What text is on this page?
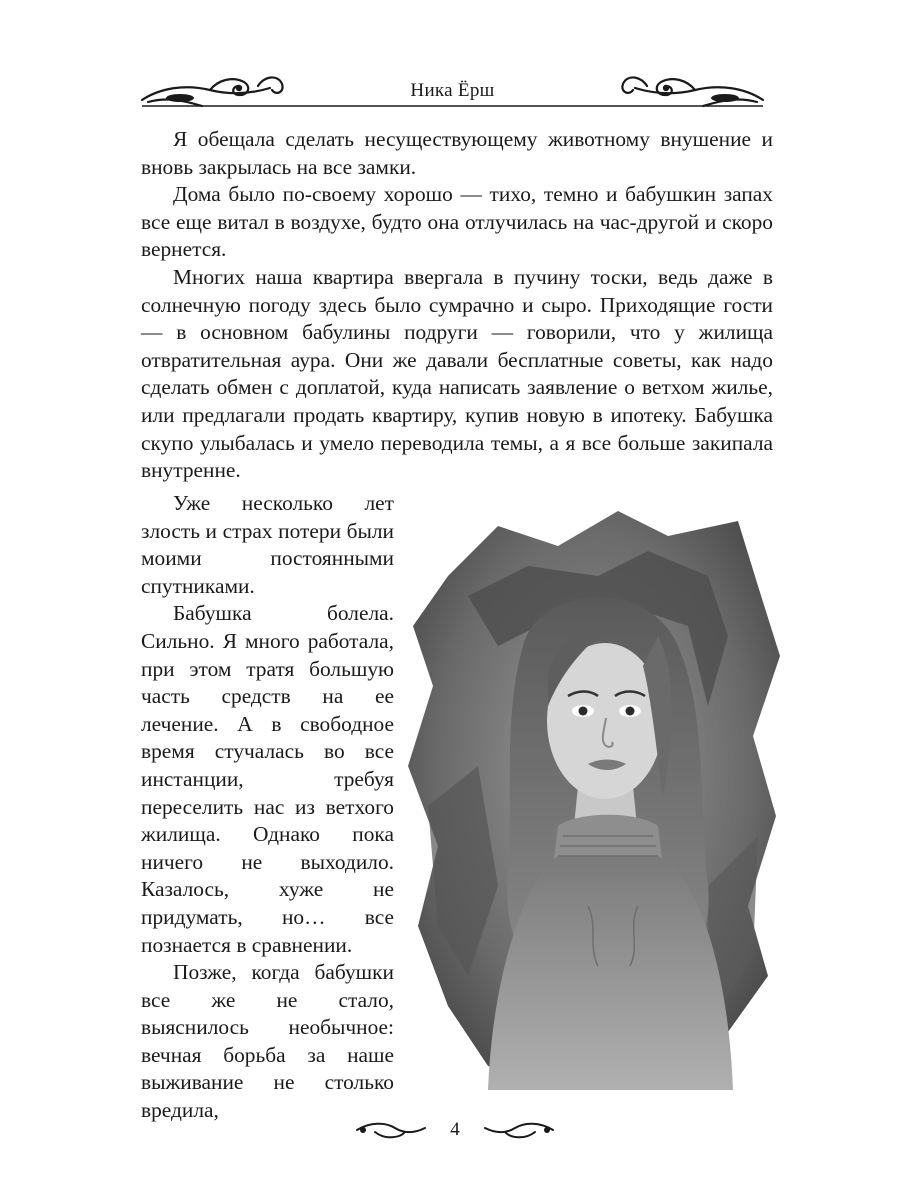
Ника Ёрш

Я обещала сделать несуществующему животному внушение и вновь закрылась на все замки.

Дома было по-своему хорошо — тихо, темно и бабушкин запах все еще витал в воздухе, будто она отлучилась на час-другой и скоро вернется.

Многих наша квартира ввергала в пучину тоски, ведь даже в солнечную погоду здесь было сумрачно и сыро. Приходящие гости — в основном бабулины подруги — говорили, что у жилища отвратительная аура. Они же давали бесплатные советы, как надо сделать обмен с доплатой, куда написать заявление о ветхом жилье, или предлагали продать квартиру, купив новую в ипотеку. Бабушка скупо улыбалась и умело переводила темы, а я все больше закипала внутренне.

Уже несколько лет злость и страх потери были моими постоянными спутниками.

Бабушка болела. Сильно. Я много работала, при этом тратя большую часть средств на ее лечение. А в свободное время стучалась во все инстанции, требуя переселить нас из ветхого жилища. Однако пока ничего не выходило. Казалось, хуже не придумать, но… все познается в сравнении.

Позже, когда бабушки все же не стало, выяснилось необычное: вечная борьба за наше выживание не столько вредила,

4
